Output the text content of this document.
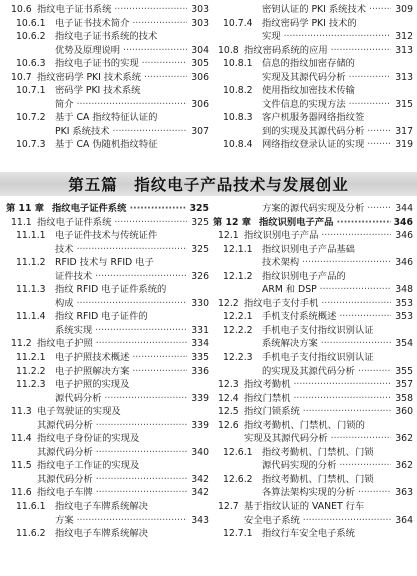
10.6 指纹电子证书系统 ·····	303
10.6.1 电子证书技术简介 ·····	303
10.6.2 指纹电子证书系统的技术
优势及原理说明 ·····	304
10.6.3 指纹电子证书的实现 ·····	305
10.7 指纹密码学 PKI 技术系统 ·····	306
10.7.1 密码学 PKI 技术系统
简介 ·····	306
10.7.2 基于 CA 指纹特征认证的
PKI 系统技术 ·····	307
10.7.3 基于 CA 伪随机指纹特征
密钥认证的 PKI 系统技术 ·····	309
10.7.4 指纹密码学 PKI 技术的
实现 ·····	312
10.8 指纹密码系统的应用 ·····	313
10.8.1 信息的指纹加密存储的
实现及其源代码分析 ·····	313
10.8.2 使用指纹加密技术传输
文件信息的实现方法 ·····	315
10.8.3 客户机服务器网络指纹签
到的实现及其源代码分析 ·····	317
10.8.4 网络指纹登录认证的实现 ·····	319
第五篇　指纹电子产品技术与发展创业
第 11 章 指纹电子证件系统 ·····	325
11.1 指纹电子证件系统 ·····	325
11.1.1 电子证件技术与传统证件
技术 ·····	325
11.1.2 RFID 技术与 RFID 电子
证件技术 ·····	326
11.1.3 指纹 RFID 电子证件系统的
构成 ·····	330
11.1.4 指纹 RFID 电子证件的
系统实现 ·····	331
11.2 指纹电子护照 ·····	334
11.2.1 电子护照技术概述 ·····	335
11.2.2 电子护照解决方案 ·····	336
11.2.3 电子护照的实现及
源代码分析 ·····	339
11.3 电子驾驶证的实现及
其源代码分析 ·····	339
11.4 指纹电子身份证的实现及
其源代码分析 ·····	340
11.5 指纹电子工作证的实现及
其源代码分析 ·····	342
11.6 指纹电子车牌 ·····	342
11.6.1 指纹电子车牌系统解决
方案 ·····	343
11.6.2 指纹电子车牌系统解决
方案的源代码实现及分析 ·····	344
第 12 章 指纹识别电子产品 ·····	346
12.1 指纹识别电子产品 ·····	346
12.1.1 指纹识别电子产品基础
技术架构 ·····	346
12.1.2 指纹识别电子产品的
ARM 和 DSP ·····	348
12.2 指纹电子支付手机 ·····	353
12.2.1 手机支付系统概述 ·····	353
12.2.2 手机电子支付指纹识别认证
系统解决方案 ·····	354
12.2.3 手机电子支付指纹识别认证
的实现及其源代码分析 ·····	355
12.3 指纹考勤机 ·····	357
12.4 指纹门禁机 ·····	358
12.5 指纹门锁系统 ·····	360
12.6 指纹考勤机、门禁机、门锁的
实现及其源代码分析 ·····	362
12.6.1 指纹考勤机、门禁机、门锁
源代码实现的分析 ·····	362
12.6.2 指纹考勤机、门禁机、门锁
各算法架构实现的分析 ·····	363
12.7 基于指纹认证的 VANET 行车
安全电子系统 ·····	364
12.7.1 指纹行车安全电子系统
